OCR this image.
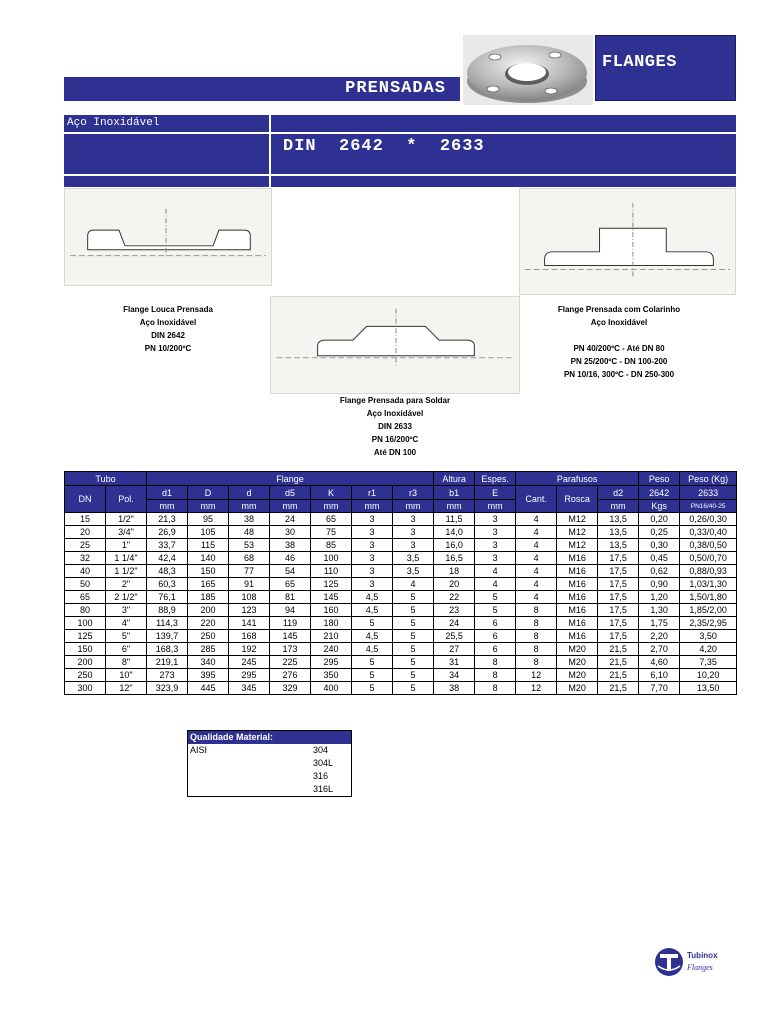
FLANGES
PRENSADAS
Aço Inoxidável
DIN  2642  *  2633
Flange Louca Prensada
Aço Inoxidável
DIN 2642
PN 10/200ºC
Flange Prensada para Soldar
Aço Inoxidável
DIN 2633
PN 16/200ºC
Até DN 100
Flange Prensada com Colarinho
Aço Inoxidável
PN 40/200ºC - Até DN 80
PN 25/200ºC - DN 100-200
PN 10/16, 300ºC - DN 250-300
Tubo		Flange							Altura	Espes.	Parafusos			Peso	Peso (Kg)
DN	Pol.	d1	D	d	d5	K	r1	r3	b1	E	Cant.	Rosca	d2	2642	2633
		mm	mm	mm	mm	mm	mm	mm	mm	mm			mm	Kgs	PN16/40-25
15	1/2"	21,3	95	38	24	65	3	3	11,5	3	4	M12	13,5	0,20	0,26/0,30
20	3/4"	26,9	105	48	30	75	3	3	14,0	3	4	M12	13,5	0,25	0,33/0,40
25	1"	33,7	115	53	38	85	3	3	16,0	3	4	M12	13,5	0,30	0,38/0,50
32	1 1/4"	42,4	140	68	46	100	3	3,5	16,5	3	4	M16	17,5	0,45	0,50/0,70
40	1 1/2"	48,3	150	77	54	110	3	3,5	18	4	4	M16	17,5	0,62	0,88/0,93
50	2"	60,3	165	91	65	125	3	4	20	4	4	M16	17,5	0,90	1,03/1,30
65	2 1/2"	76,1	185	108	81	145	4,5	5	22	5	4	M16	17,5	1,20	1,50/1,80
80	3"	88,9	200	123	94	160	4,5	5	23	5	8	M16	17,5	1,30	1,85/2,00
100	4"	114,3	220	141	119	180	5	5	24	6	8	M16	17,5	1,75	2,35/2,95
125	5"	139,7	250	168	145	210	4,5	5	25,5	6	8	M16	17,5	2,20	3,50
150	6"	168,3	285	192	173	240	4,5	5	27	6	8	M20	21,5	2,70	4,20
200	8"	219,1	340	245	225	295	5	5	31	8	8	M20	21,5	4,60	7,35
250	10"	273	395	295	276	350	5	5	34	8	12	M20	21,5	6,10	10,20
300	12"	323,9	445	345	329	400	5	5	38	8	12	M20	21,5	7,70	13,50
Qualidade Material:
AISI	304
304L
316
316L
Tubinox
Flanges
